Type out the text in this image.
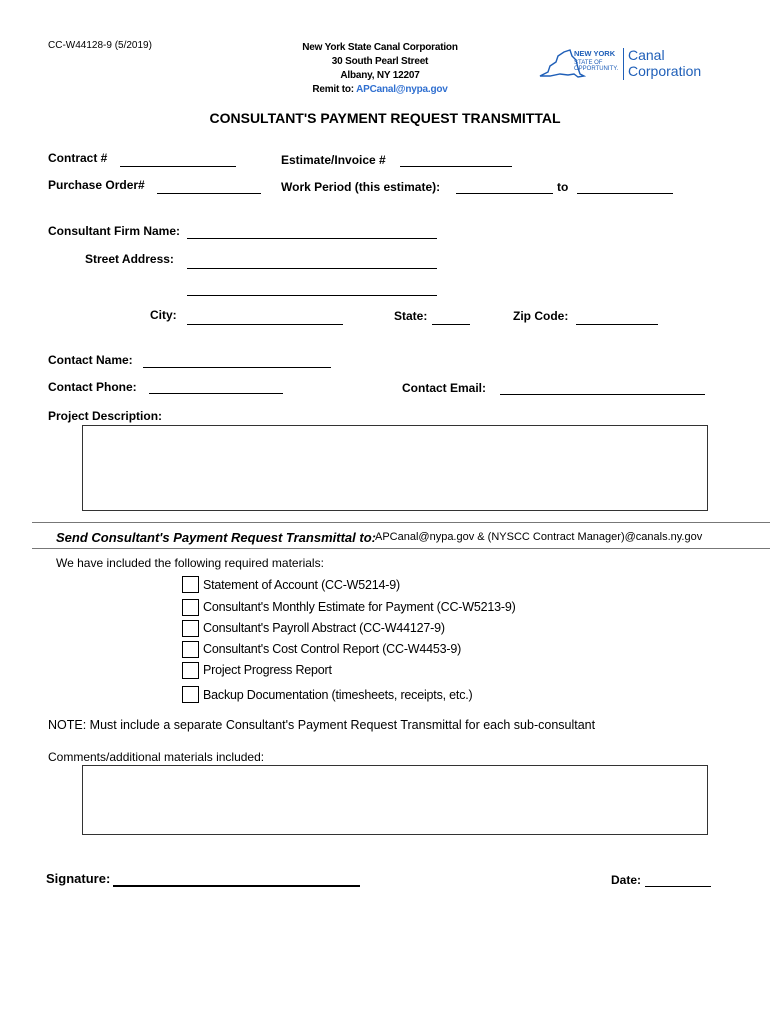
CC-W44128-9 (5/2019)	New York State Canal Corporation
30 South Pearl Street
Albany, NY 12207
Remit to: APCanal@nypa.gov
NEW YORK
STATE OF
OPPORTUNITY.
Canal
Corporation
CONSULTANT'S PAYMENT REQUEST TRANSMITTAL
Contract #	Estimate/Invoice #
Purchase Order#	Work Period (this estimate):	to
Consultant Firm Name:
Street Address:
City:	State:	Zip Code:
Contact Name:
Contact Phone:	Contact Email:
Project Description:
Send Consultant's Payment Request Transmittal to: APCanal@nypa.gov & (NYSCC Contract Manager)@canals.ny.gov
We have included the following required materials:
Statement of Account (CC-W5214-9)
Consultant's Monthly Estimate for Payment (CC-W5213-9)
Consultant's Payroll Abstract (CC-W44127-9)
Consultant's Cost Control Report (CC-W4453-9)
Project Progress Report
Backup Documentation (timesheets, receipts, etc.)
NOTE: Must include a separate Consultant's Payment Request Transmittal for each sub-consultant
Comments/additional materials included:
Signature:	Date:
